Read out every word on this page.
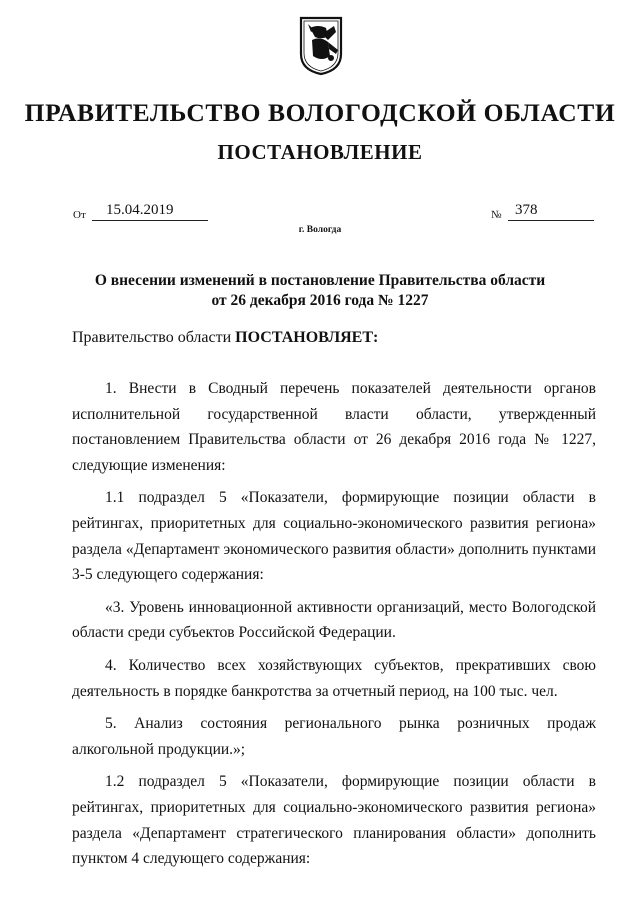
ПРАВИТЕЛЬСТВО ВОЛОГОДСКОЙ ОБЛАСТИ
ПОСТАНОВЛЕНИЕ
От	15.04.2019	№ 378
г. Вологда
О внесении изменений в постановление Правительства области
от 26 декабря 2016 года № 1227
Правительство области ПОСТАНОВЛЯЕТ:

1. Внести в Сводный перечень показателей деятельности органов исполнительной государственной власти области, утвержденный постановлением Правительства области от 26 декабря 2016 года № 1227, следующие изменения:

1.1 подраздел 5 «Показатели, формирующие позиции области в рейтингах, приоритетных для социально-экономического развития региона» раздела «Департамент экономического развития области» дополнить пунктами 3-5 следующего содержания:

«3. Уровень инновационной активности организаций, место Вологодской области среди субъектов Российской Федерации.

4. Количество всех хозяйствующих субъектов, прекративших свою деятельность в порядке банкротства за отчетный период, на 100 тыс. чел.

5. Анализ состояния регионального рынка розничных продаж алкогольной продукции.»;

1.2 подраздел 5 «Показатели, формирующие позиции области в рейтингах, приоритетных для социально-экономического развития региона» раздела «Департамент стратегического планирования области» дополнить пунктом 4 следующего содержания:
